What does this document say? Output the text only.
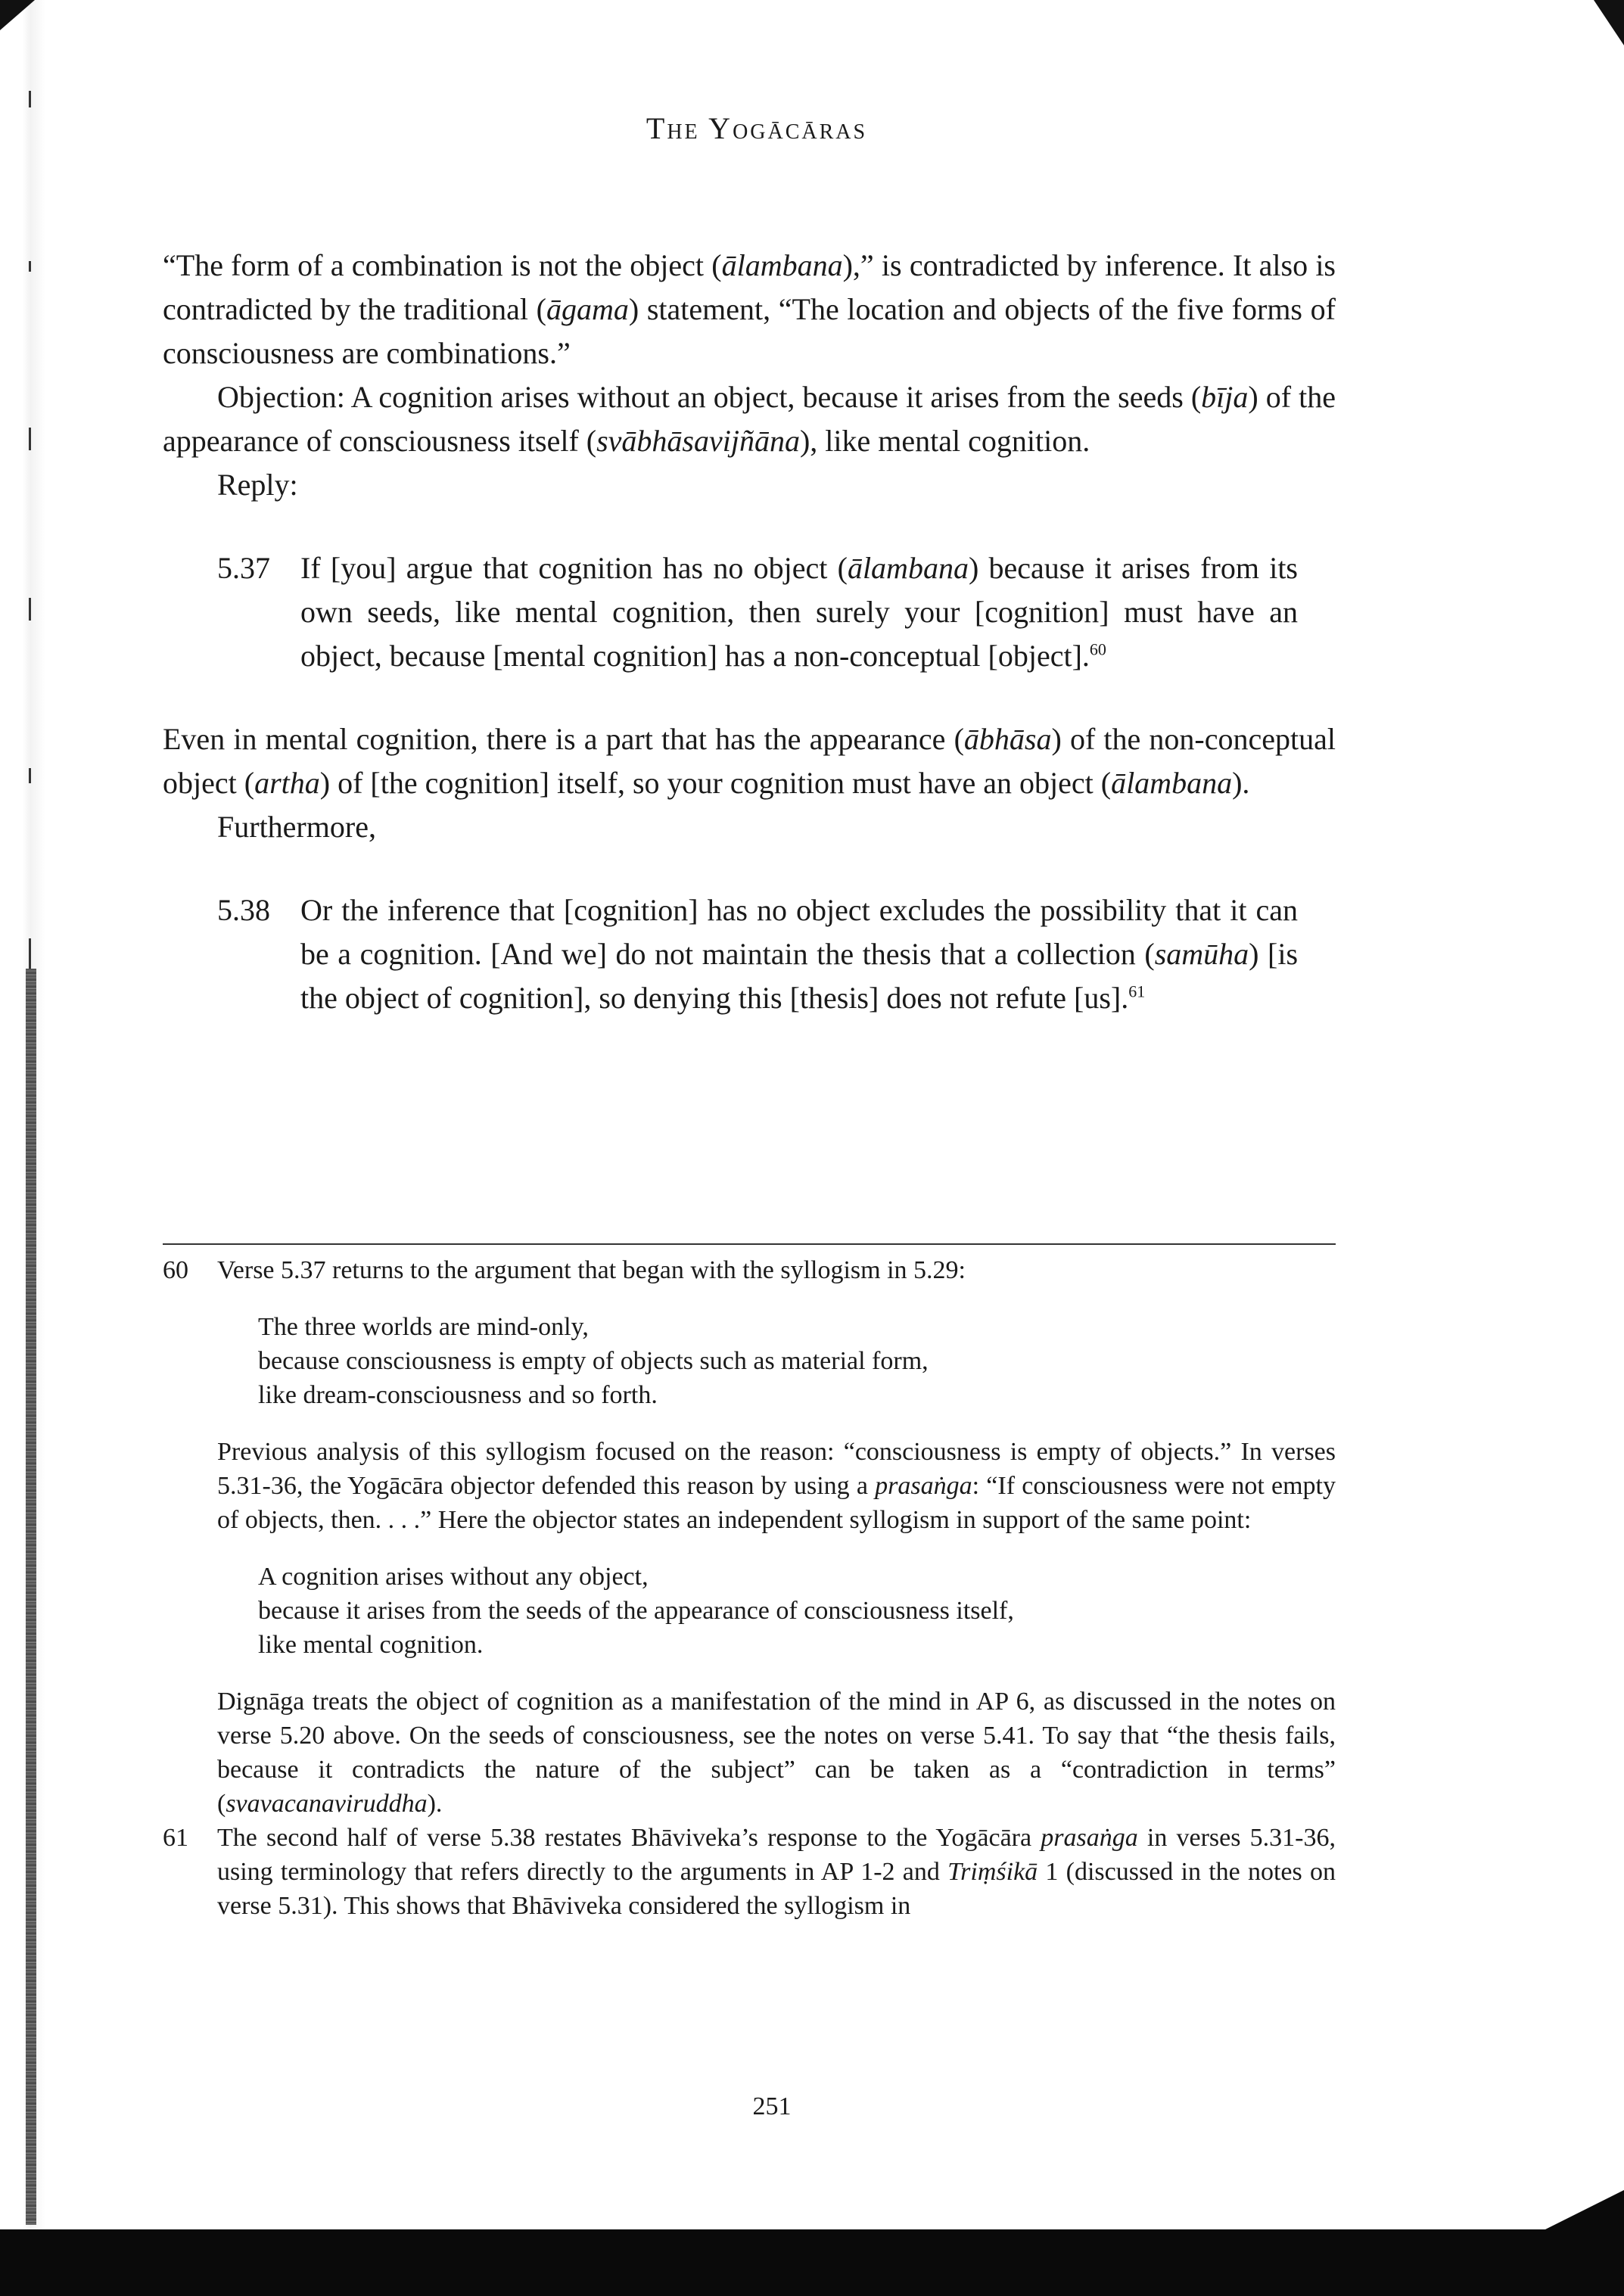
The Yogācāras

“The form of a combination is not the object (ālambana),” is contradicted by inference. It also is contradicted by the traditional (āgama) statement, “The location and objects of the five forms of consciousness are combinations.”

Objection: A cognition arises without an object, because it arises from the seeds (bīja) of the appearance of consciousness itself (svābhāsavijñāna), like mental cognition.

Reply:

5.37 If [you] argue that cognition has no object (ālambana) because it arises from its own seeds, like mental cognition, then surely your [cognition] must have an object, because [mental cognition] has a non-conceptual [object].$^{60}$

Even in mental cognition, there is a part that has the appearance (ābhāsa) of the non-conceptual object (artha) of [the cognition] itself, so your cognition must have an object (ālambana).

Furthermore,

5.38 Or the inference that [cognition] has no object excludes the possibility that it can be a cognition. [And we] do not maintain the thesis that a collection (samūha) [is the object of cognition], so denying this [thesis] does not refute [us].$^{61}$
60 Verse 5.37 returns to the argument that began with the syllogism in 5.29:

The three worlds are mind-only,
because consciousness is empty of objects such as material form,
like dream-consciousness and so forth.

Previous analysis of this syllogism focused on the reason: “consciousness is empty of objects.” In verses 5.31-36, the Yogācāra objector defended this reason by using a prasaṅga: “If consciousness were not empty of objects, then. . . .” Here the objector states an independent syllogism in support of the same point:

A cognition arises without any object,
because it arises from the seeds of the appearance of consciousness itself,
like mental cognition.

Dignāga treats the object of cognition as a manifestation of the mind in AP 6, as discussed in the notes on verse 5.20 above. On the seeds of consciousness, see the notes on verse 5.41. To say that “the thesis fails, because it contradicts the nature of the subject” can be taken as a “contradiction in terms” (svavacanaviruddha).

61 The second half of verse 5.38 restates Bhāviveka’s response to the Yogācāra prasaṅga in verses 5.31-36, using terminology that refers directly to the arguments in AP 1-2 and Triṃśikā 1 (discussed in the notes on verse 5.31). This shows that Bhāviveka considered the syllogism in

251
